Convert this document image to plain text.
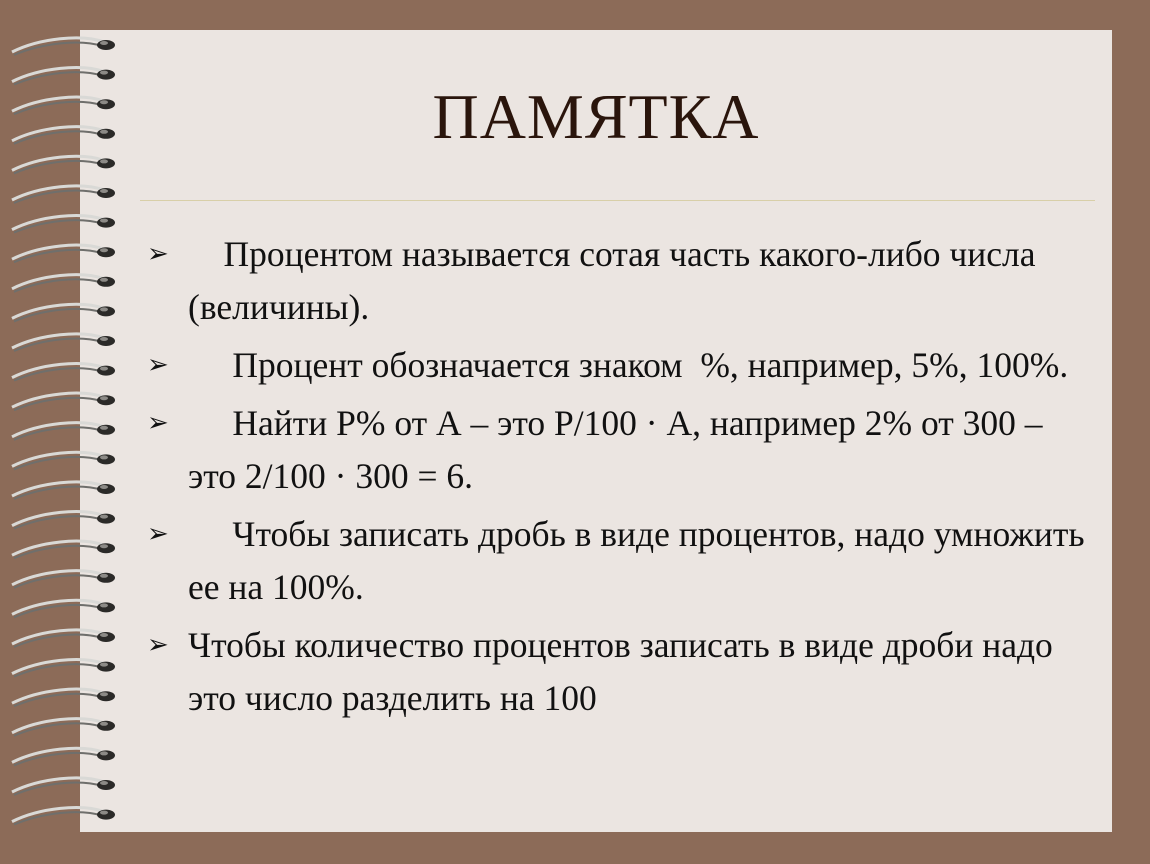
ПАМЯТКА
➢ Процентом называется сотая часть какого-либо числа (величины).
➢ Процент обозначается знаком  %, например, 5%, 100%.
➢ Найти Р% от А – это Р/100 · А, например 2% от 300 – это 2/100 · 300 = 6.
➢ Чтобы записать дробь в виде процентов, надо умножить ее на 100%.
➢ Чтобы количество процентов записать в виде дроби надо это число разделить на 100
